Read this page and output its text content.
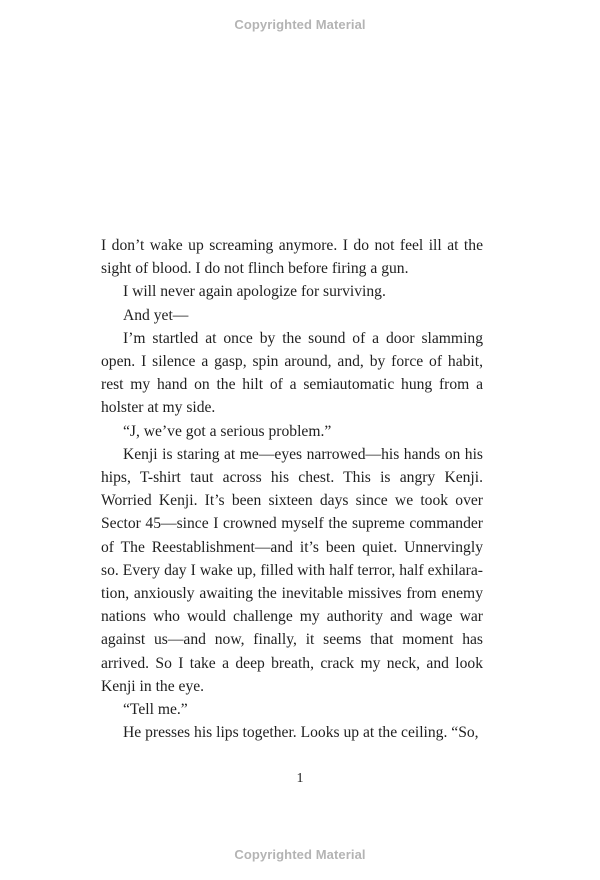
Copyrighted Material

I don’t wake up screaming anymore. I do not feel ill at the sight of blood. I do not flinch before firing a gun.

I will never again apologize for surviving.

And yet—

I’m startled at once by the sound of a door slamming open. I silence a gasp, spin around, and, by force of habit, rest my hand on the hilt of a semiautomatic hung from a holster at my side.

“J, we’ve got a serious problem.”

Kenji is staring at me—eyes narrowed—his hands on his hips, T-shirt taut across his chest. This is angry Kenji. Worried Kenji. It’s been sixteen days since we took over Sector 45—since I crowned myself the supreme commander of The Reestablishment—and it’s been quiet. Unnervingly so. Every day I wake up, filled with half terror, half exhilaration, anxiously awaiting the inevitable missives from enemy nations who would challenge my authority and wage war against us—and now, finally, it seems that moment has arrived. So I take a deep breath, crack my neck, and look Kenji in the eye.

“Tell me.”

He presses his lips together. Looks up at the ceiling. “So,

1
Copyrighted Material
